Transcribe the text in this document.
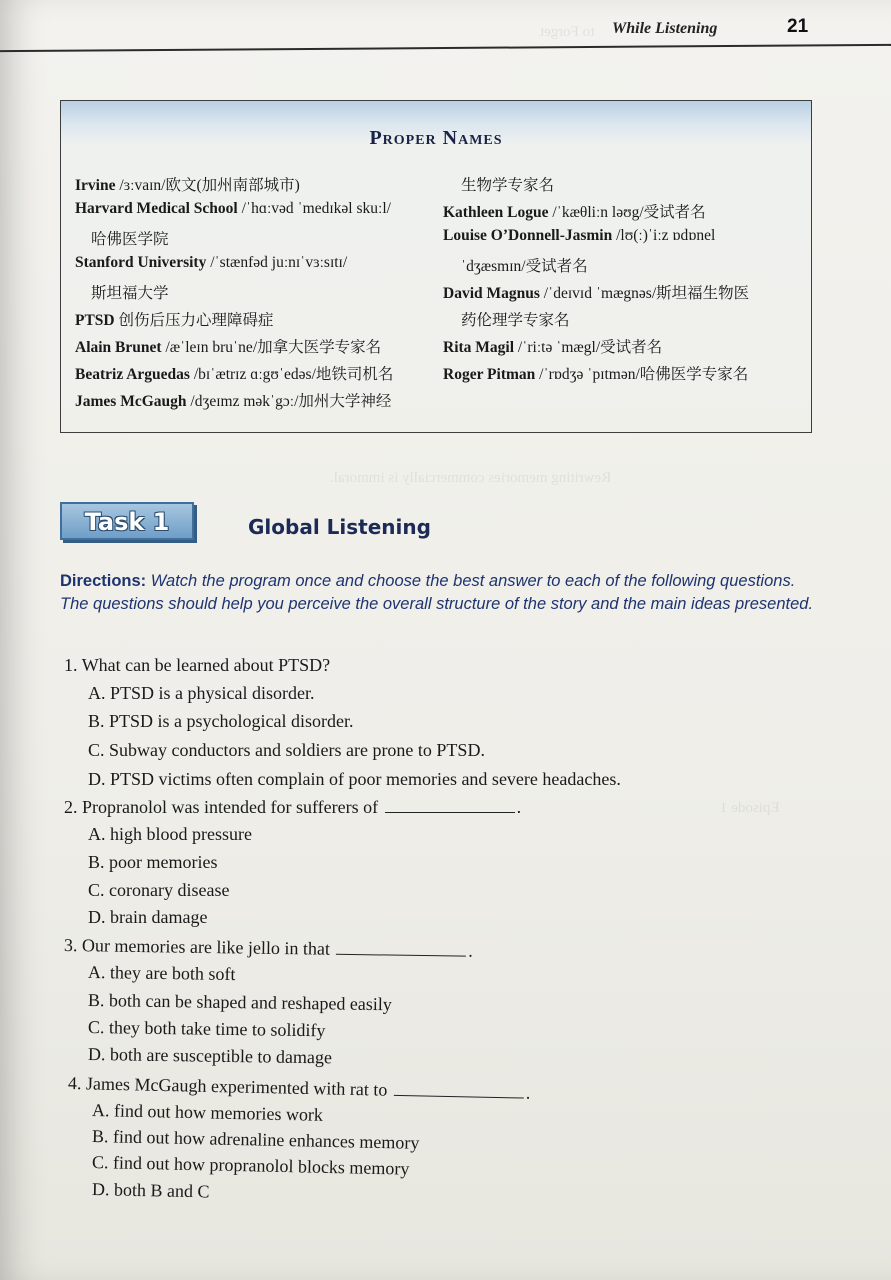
to Forget
Rewriting memories commercially is immoral.
Episode 1
While Listening	21
Proper Names
Irvine /ɜːvaɪn/欧文(加州南部城市)
Harvard Medical School /ˈhɑːvəd ˈmedɪkəl skuːl/
哈佛医学院
Stanford University /ˈstænfəd juːnɪˈvɜːsɪtɪ/
斯坦福大学
PTSD 创伤后压力心理障碍症
Alain Brunet /æˈleɪn bruˈne/加拿大医学专家名
Beatriz Arguedas /bɪˈætrɪz ɑːgʊˈedəs/地铁司机名
James McGaugh /dʒeɪmz məkˈgɔː/加州大学神经
生物学专家名
Kathleen Logue /ˈkæθliːn ləʊg/受试者名
Louise O’Donnell-Jasmin /lʊ(ː)ˈiːz ɒdɒnel
ˈdʒæsmɪn/受试者名
David Magnus /ˈdeɪvɪd ˈmægnəs/斯坦福生物医
药伦理学专家名
Rita Magil /ˈriːtə ˈmægl/受试者名
Roger Pitman /ˈrɒdʒə ˈpɪtmən/哈佛医学专家名
Task 1	Global Listening
Directions: Watch the program once and choose the best answer to each of the following questions. The questions should help you perceive the overall structure of the story and the main ideas presented.
1. What can be learned about PTSD?
A. PTSD is a physical disorder.
B. PTSD is a psychological disorder.
C. Subway conductors and soldiers are prone to PTSD.
D. PTSD victims often complain of poor memories and severe headaches.
2. Propranolol was intended for sufferers of	.
A. high blood pressure
B. poor memories
C. coronary disease
D. brain damage
3. Our memories are like jello in that	.
A. they are both soft
B. both can be shaped and reshaped easily
C. they both take time to solidify
D. both are susceptible to damage
4. James McGaugh experimented with rat to	.
A. find out how memories work
B. find out how adrenaline enhances memory
C. find out how propranolol blocks memory
D. both B and C
